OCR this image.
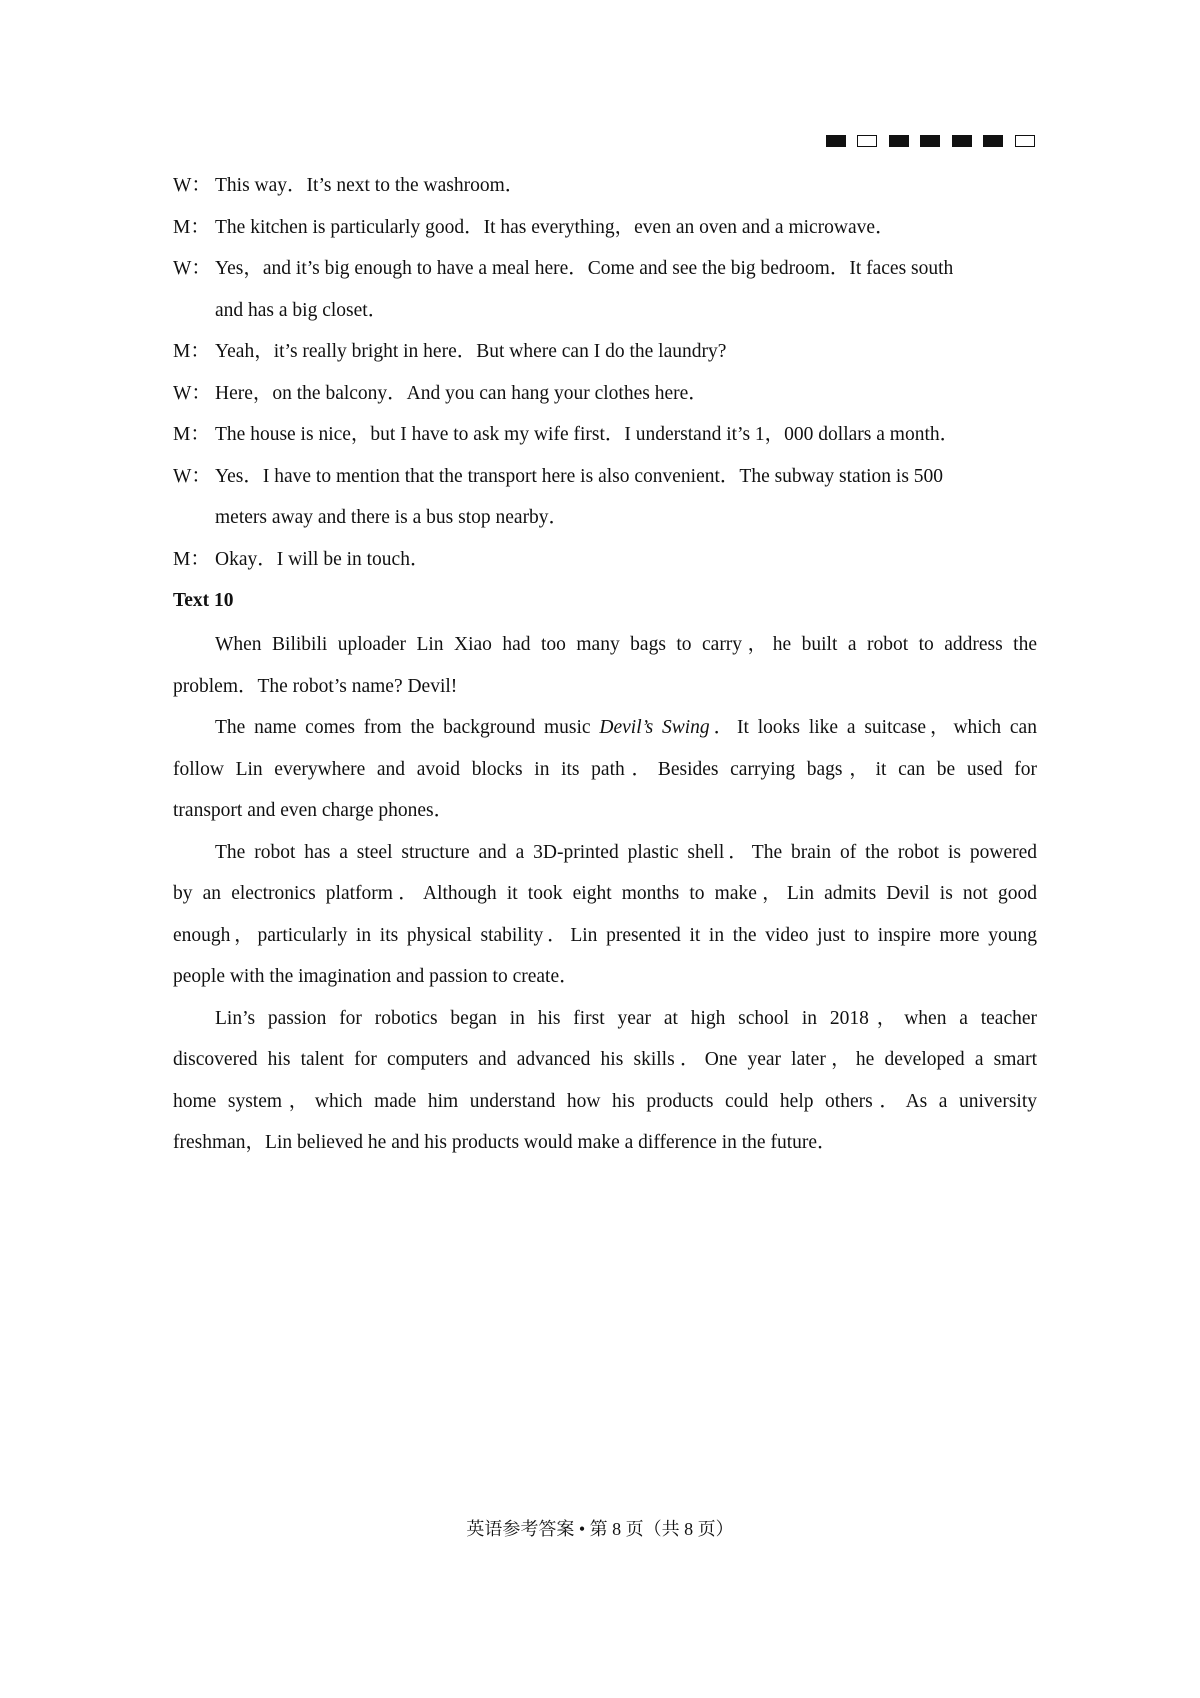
W： This way．It’s next to the washroom．
M： The kitchen is particularly good．It has everything，even an oven and a microwave．
W： Yes，and it’s big enough to have a meal here．Come and see the big bedroom．It faces south
and has a big closet．
M： Yeah，it’s really bright in here．But where can I do the laundry?
W： Here，on the balcony．And you can hang your clothes here．
M： The house is nice，but I have to ask my wife first．I understand it’s 1，000 dollars a month．
W： Yes．I have to mention that the transport here is also convenient．The subway station is 500
meters away and there is a bus stop nearby．
M： Okay．I will be in touch．
Text 10
When Bilibili uploader Lin Xiao had too many bags to carry，he built a robot to address the
problem．The robot’s name? Devil!
The name comes from the background music Devil’s Swing．It looks like a suitcase，which can
follow Lin everywhere and avoid blocks in its path．Besides carrying bags，it can be used for
transport and even charge phones．
The robot has a steel structure and a 3D-printed plastic shell．The brain of the robot is powered
by an electronics platform．Although it took eight months to make，Lin admits Devil is not good
enough，particularly in its physical stability．Lin presented it in the video just to inspire more young
people with the imagination and passion to create．
Lin’s passion for robotics began in his first year at high school in 2018，when a teacher
discovered his talent for computers and advanced his skills．One year later，he developed a smart
home system，which made him understand how his products could help others．As a university
freshman，Lin believed he and his products would make a difference in the future．
英语参考答案 • 第 8 页（共 8 页）
